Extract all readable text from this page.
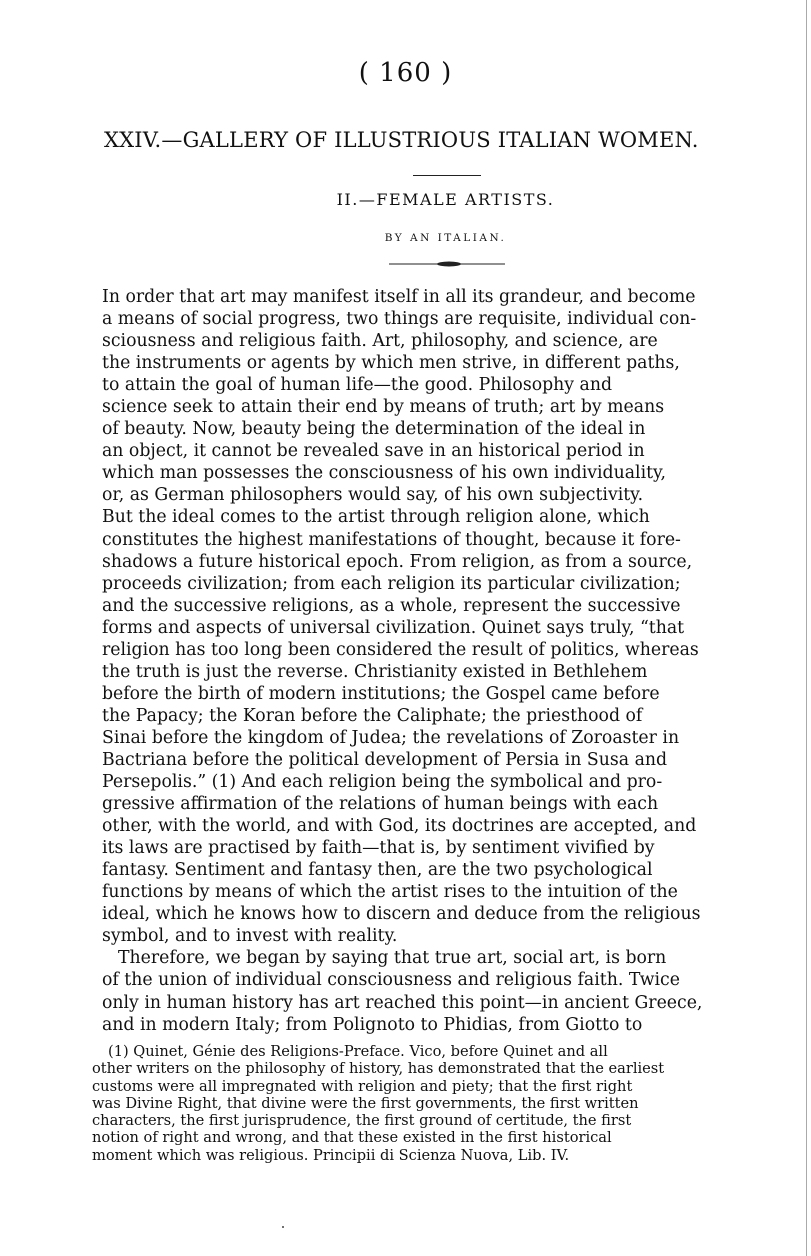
( 160 )
XXIV.—GALLERY OF ILLUSTRIOUS ITALIAN WOMEN.
II.—FEMALE ARTISTS.
BY AN ITALIAN.
In order that art may manifest itself in all its grandeur, and become
a means of social progress, two things are requisite, individual con-
sciousness and religious faith. Art, philosophy, and science, are
the instruments or agents by which men strive, in different paths,
to attain the goal of human life—the good. Philosophy and
science seek to attain their end by means of truth; art by means
of beauty. Now, beauty being the determination of the ideal in
an object, it cannot be revealed save in an historical period in
which man possesses the consciousness of his own individuality,
or, as German philosophers would say, of his own subjectivity.
But the ideal comes to the artist through religion alone, which
constitutes the highest manifestations of thought, because it fore-
shadows a future historical epoch. From religion, as from a source,
proceeds civilization; from each religion its particular civilization;
and the successive religions, as a whole, represent the successive
forms and aspects of universal civilization. Quinet says truly, “that
religion has too long been considered the result of politics, whereas
the truth is just the reverse. Christianity existed in Bethlehem
before the birth of modern institutions; the Gospel came before
the Papacy; the Koran before the Caliphate; the priesthood of
Sinai before the kingdom of Judea; the revelations of Zoroaster in
Bactriana before the political development of Persia in Susa and
Persepolis.” (1) And each religion being the symbolical and pro-
gressive affirmation of the relations of human beings with each
other, with the world, and with God, its doctrines are accepted, and
its laws are practised by faith—that is, by sentiment vivified by
fantasy. Sentiment and fantasy then, are the two psychological
functions by means of which the artist rises to the intuition of the
ideal, which he knows how to discern and deduce from the religious
symbol, and to invest with reality.
Therefore, we began by saying that true art, social art, is born
of the union of individual consciousness and religious faith. Twice
only in human history has art reached this point—in ancient Greece,
and in modern Italy; from Polignoto to Phidias, from Giotto to
(1) Quinet, Génie des Religions-Preface. Vico, before Quinet and all
other writers on the philosophy of history, has demonstrated that the earliest
customs were all impregnated with religion and piety; that the first right
was Divine Right, that divine were the first governments, the first written
characters, the first jurisprudence, the first ground of certitude, the first
notion of right and wrong, and that these existed in the first historical
moment which was religious. Principii di Scienza Nuova, Lib. IV.
